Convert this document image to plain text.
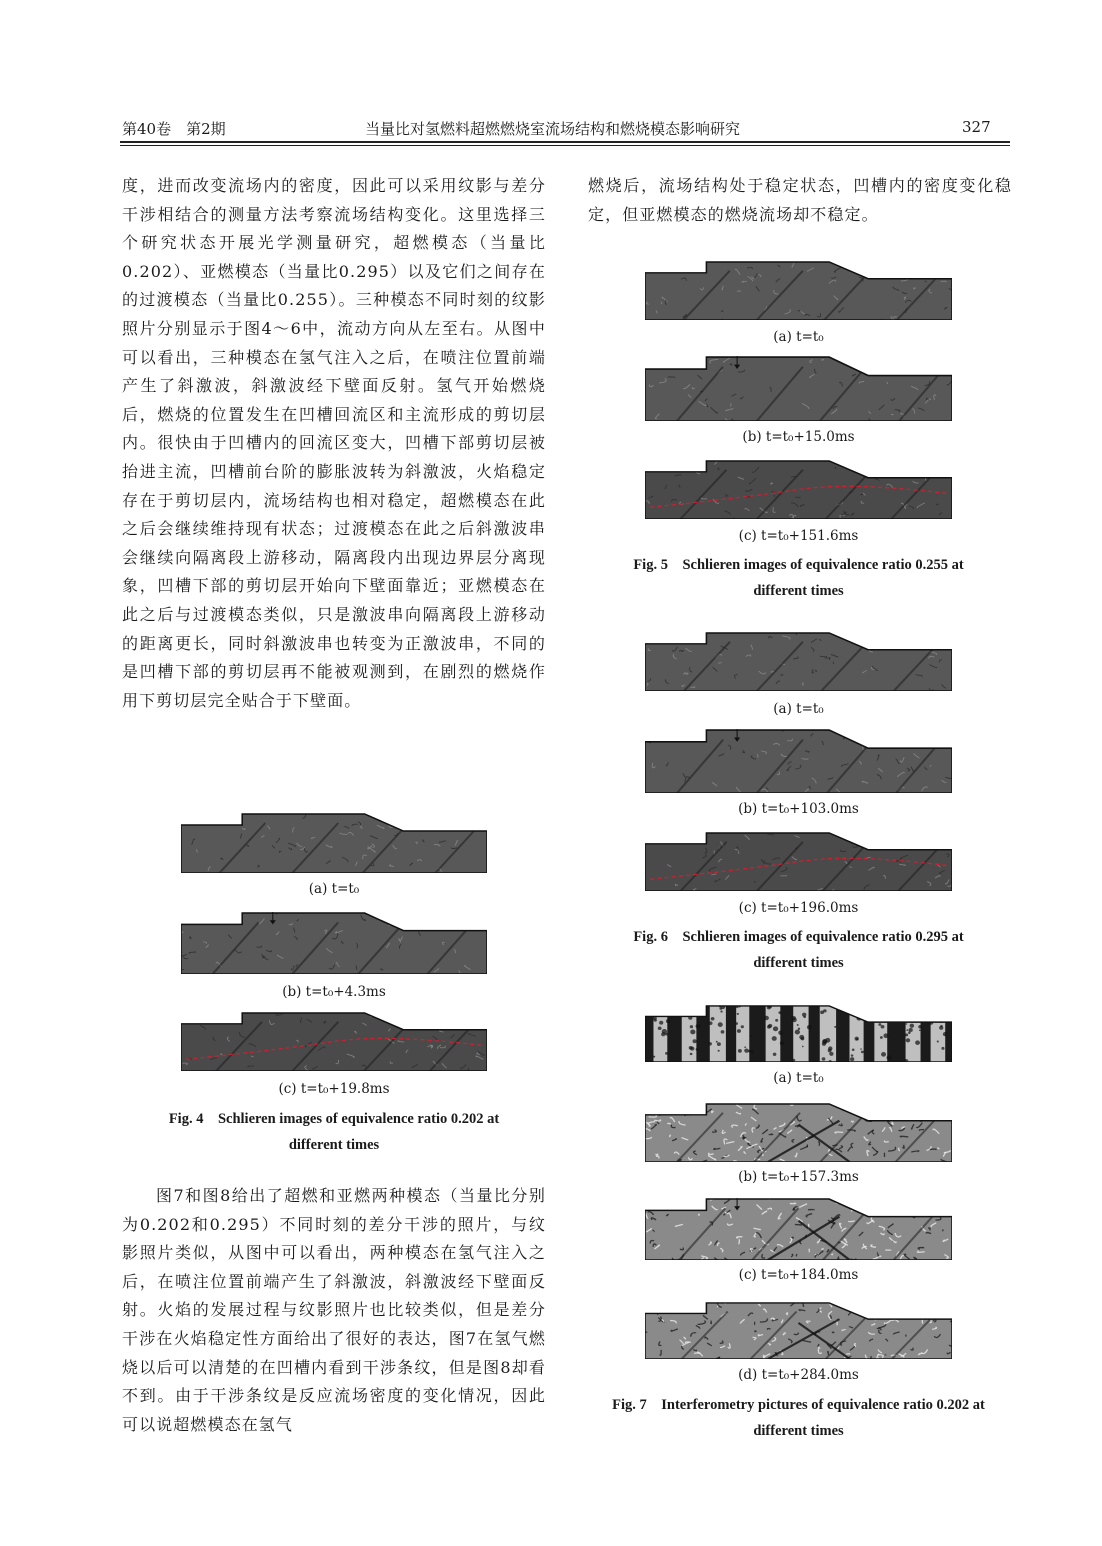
第40卷　第2期	当量比对氢燃料超燃燃烧室流场结构和燃烧模态影响研究	327

度，进而改变流场内的密度，因此可以采用纹影与差分干涉相结合的测量方法考察流场结构变化。这里选择三个研究状态开展光学测量研究，超燃模态（当量比0.202）、亚燃模态（当量比0.295）以及它们之间存在的过渡模态（当量比0.255）。三种模态不同时刻的纹影照片分别显示于图4～6中，流动方向从左至右。从图中可以看出，三种模态在氢气注入之后，在喷注位置前端产生了斜激波，斜激波经下壁面反射。氢气开始燃烧后，燃烧的位置发生在凹槽回流区和主流形成的剪切层内。很快由于凹槽内的回流区变大，凹槽下部剪切层被抬进主流，凹槽前台阶的膨胀波转为斜激波，火焰稳定存在于剪切层内，流场结构也相对稳定，超燃模态在此之后会继续维持现有状态；过渡模态在此之后斜激波串会继续向隔离段上游移动，隔离段内出现边界层分离现象，凹槽下部的剪切层开始向下壁面靠近；亚燃模态在此之后与过渡模态类似，只是激波串向隔离段上游移动的距离更长，同时斜激波串也转变为正激波串，不同的是凹槽下部的剪切层再不能被观测到，在剧烈的燃烧作用下剪切层完全贴合于下壁面。

图7和图8给出了超燃和亚燃两种模态（当量比分别为0.202和0.295）不同时刻的差分干涉的照片，与纹影照片类似，从图中可以看出，两种模态在氢气注入之后，在喷注位置前端产生了斜激波，斜激波经下壁面反射。火焰的发展过程与纹影照片也比较类似，但是差分干涉在火焰稳定性方面给出了很好的表达，图7在氢气燃烧以后可以清楚的在凹槽内看到干涉条纹，但是图8却看不到。由于干涉条纹是反应流场密度的变化情况，因此可以说超燃模态在氢气

燃烧后，流场结构处于稳定状态，凹槽内的密度变化稳定，但亚燃模态的燃烧流场却不稳定。

(a) t=t₀
(b) t=t₀+4.3ms
(c) t=t₀+19.8ms
Fig. 4　Schlieren images of equivalence ratio 0.202 at
different times
(a) t=t₀
(b) t=t₀+15.0ms
(c) t=t₀+151.6ms
Fig. 5　Schlieren images of equivalence ratio 0.255 at
different times
(a) t=t₀
(b) t=t₀+103.0ms
(c) t=t₀+196.0ms
Fig. 6　Schlieren images of equivalence ratio 0.295 at
different times
(a) t=t₀
(b) t=t₀+157.3ms
(c) t=t₀+184.0ms
(d) t=t₀+284.0ms
Fig. 7　Interferometry pictures of equivalence ratio 0.202 at
different times
